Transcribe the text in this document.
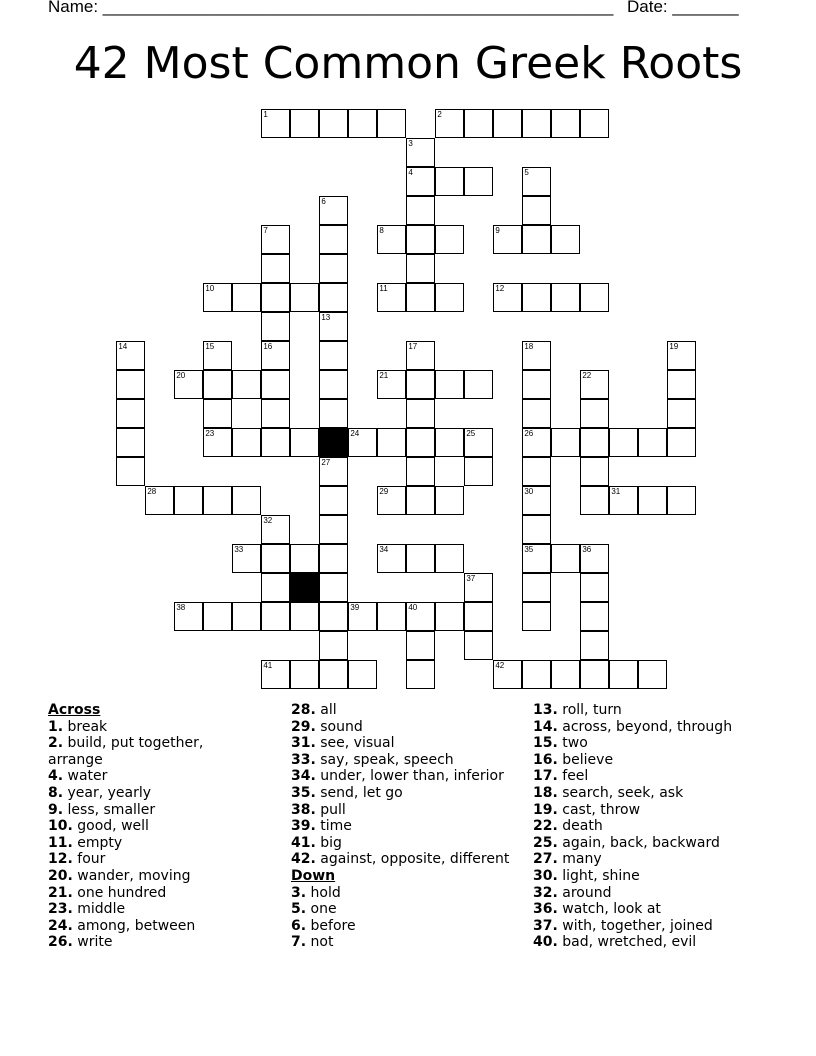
Name: ______________________________________________________ Date: _______
42 Most Common Greek Roots
1	2
4
8	9
10	11	12
20	21
23	24	25	26
28	29	31
33	34	35	36
38	39	40
41	42
3
5
6
7
13
27
14	15	16	17	18
30
19
22
32
37
Across
1. break
2. build, put together,
arrange
4. water
8. year, yearly
9. less, smaller
10. good, well
11. empty
12. four
20. wander, moving
21. one hundred
23. middle
24. among, between
26. write
28. all
29. sound
31. see, visual
33. say, speak, speech
34. under, lower than, inferior
35. send, let go
38. pull
39. time
41. big
42. against, opposite, different
Down
3. hold
5. one
6. before
7. not
13. roll, turn
14. across, beyond, through
15. two
16. believe
17. feel
18. search, seek, ask
19. cast, throw
22. death
25. again, back, backward
27. many
30. light, shine
32. around
36. watch, look at
37. with, together, joined
40. bad, wretched, evil
